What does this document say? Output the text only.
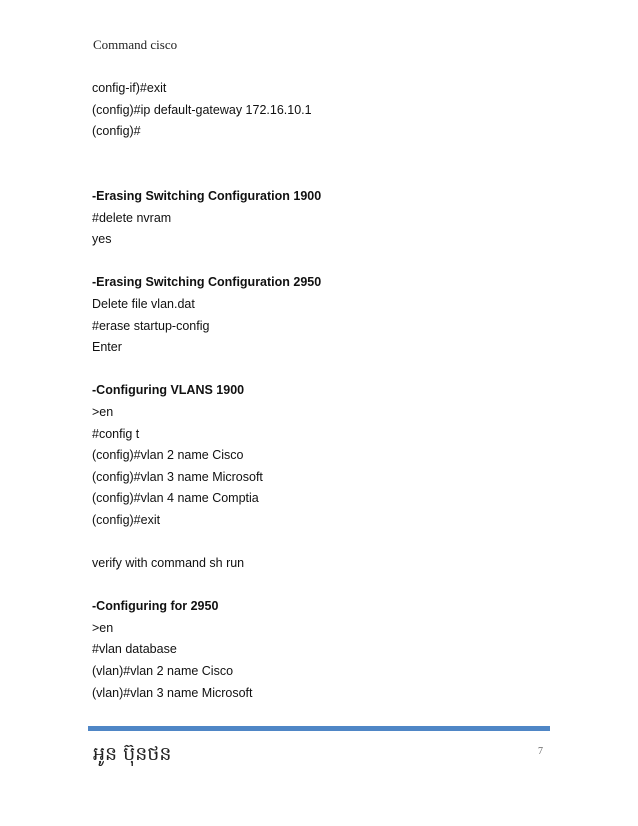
Command cisco
config-if)#exit
(config)#ip default-gateway 172.16.10.1
(config)#
-Erasing Switching Configuration 1900
#delete nvram
yes
-Erasing Switching Configuration 2950
Delete file vlan.dat
#erase startup-config
Enter
-Configuring VLANS 1900
>en
#config t
(config)#vlan 2 name Cisco
(config)#vlan 3 name Microsoft
(config)#vlan 4 name Comptia
(config)#exit
verify with command sh run
-Configuring for 2950
>en
#vlan database
(vlan)#vlan 2 name Cisco
(vlan)#vlan 3 name Microsoft
អូន ប៊ុនថន	7
